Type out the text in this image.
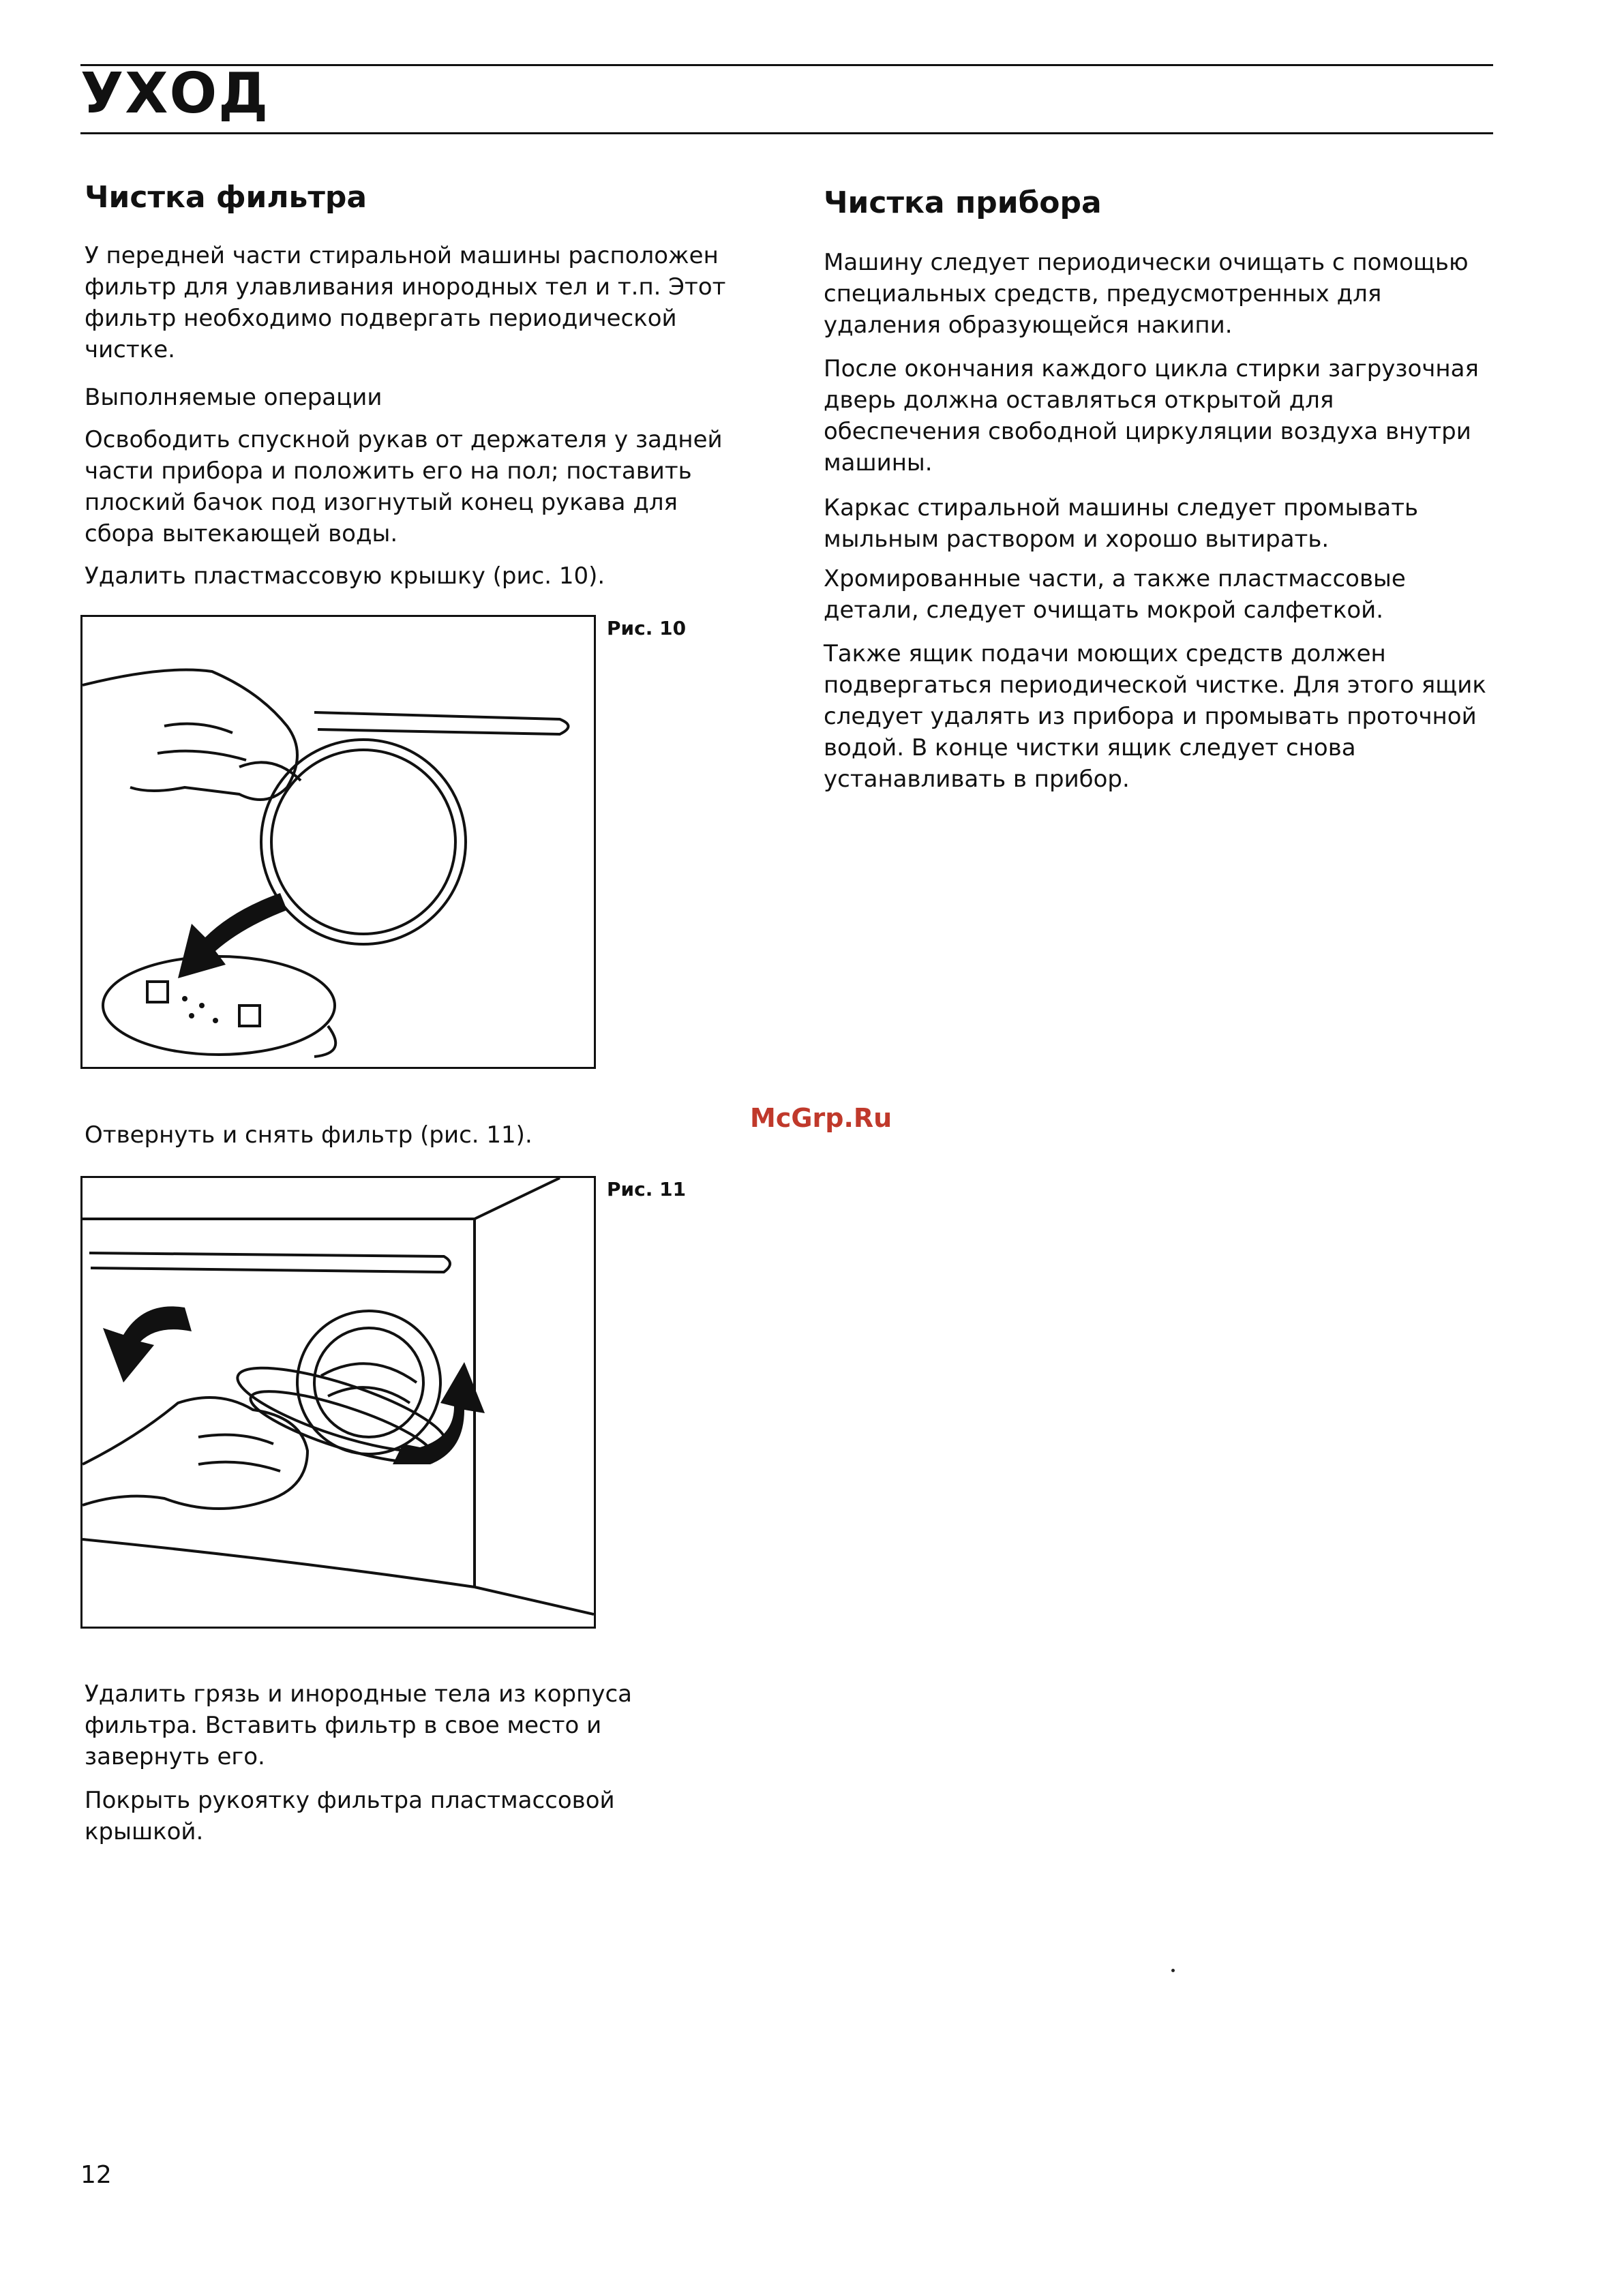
УХОД
Чистка фильтра

У передней части стиральной машины расположен фильтр для улавливания инородных тел и т.п. Этот фильтр необходимо подвергать периодической чистке.

Выполняемые операции

Освободить спускной рукав от держателя у задней части прибора и положить его на пол; поставить плоский бачок под изогнутый конец рукава для сбора вытекающей воды.

Удалить пластмассовую крышку (рис. 10).

Рис. 10

Отвернуть и снять фильтр (рис. 11).

Рис. 11

Удалить грязь и инородные тела из корпуса фильтра. Вставить фильтр в свое место и завернуть его.

Покрыть рукоятку фильтра пластмассовой крышкой.

Чистка прибора

Машину следует периодически очищать с помощью специальных средств, предусмотренных для удаления образующейся накипи.

После окончания каждого цикла стирки загрузочная дверь должна оставляться открытой для обеспечения свободной циркуляции воздуха внутри машины.

Каркас стиральной машины следует промывать мыльным раствором и хорошо вытирать.

Хромированные части, а также пластмассовые детали, следует очищать мокрой салфеткой.

Также ящик подачи моющих средств должен подвергаться периодической чистке. Для этого ящик следует удалять из прибора и промывать проточной водой. В конце чистки ящик следует снова устанавливать в прибор.

McGrp.Ru
12
